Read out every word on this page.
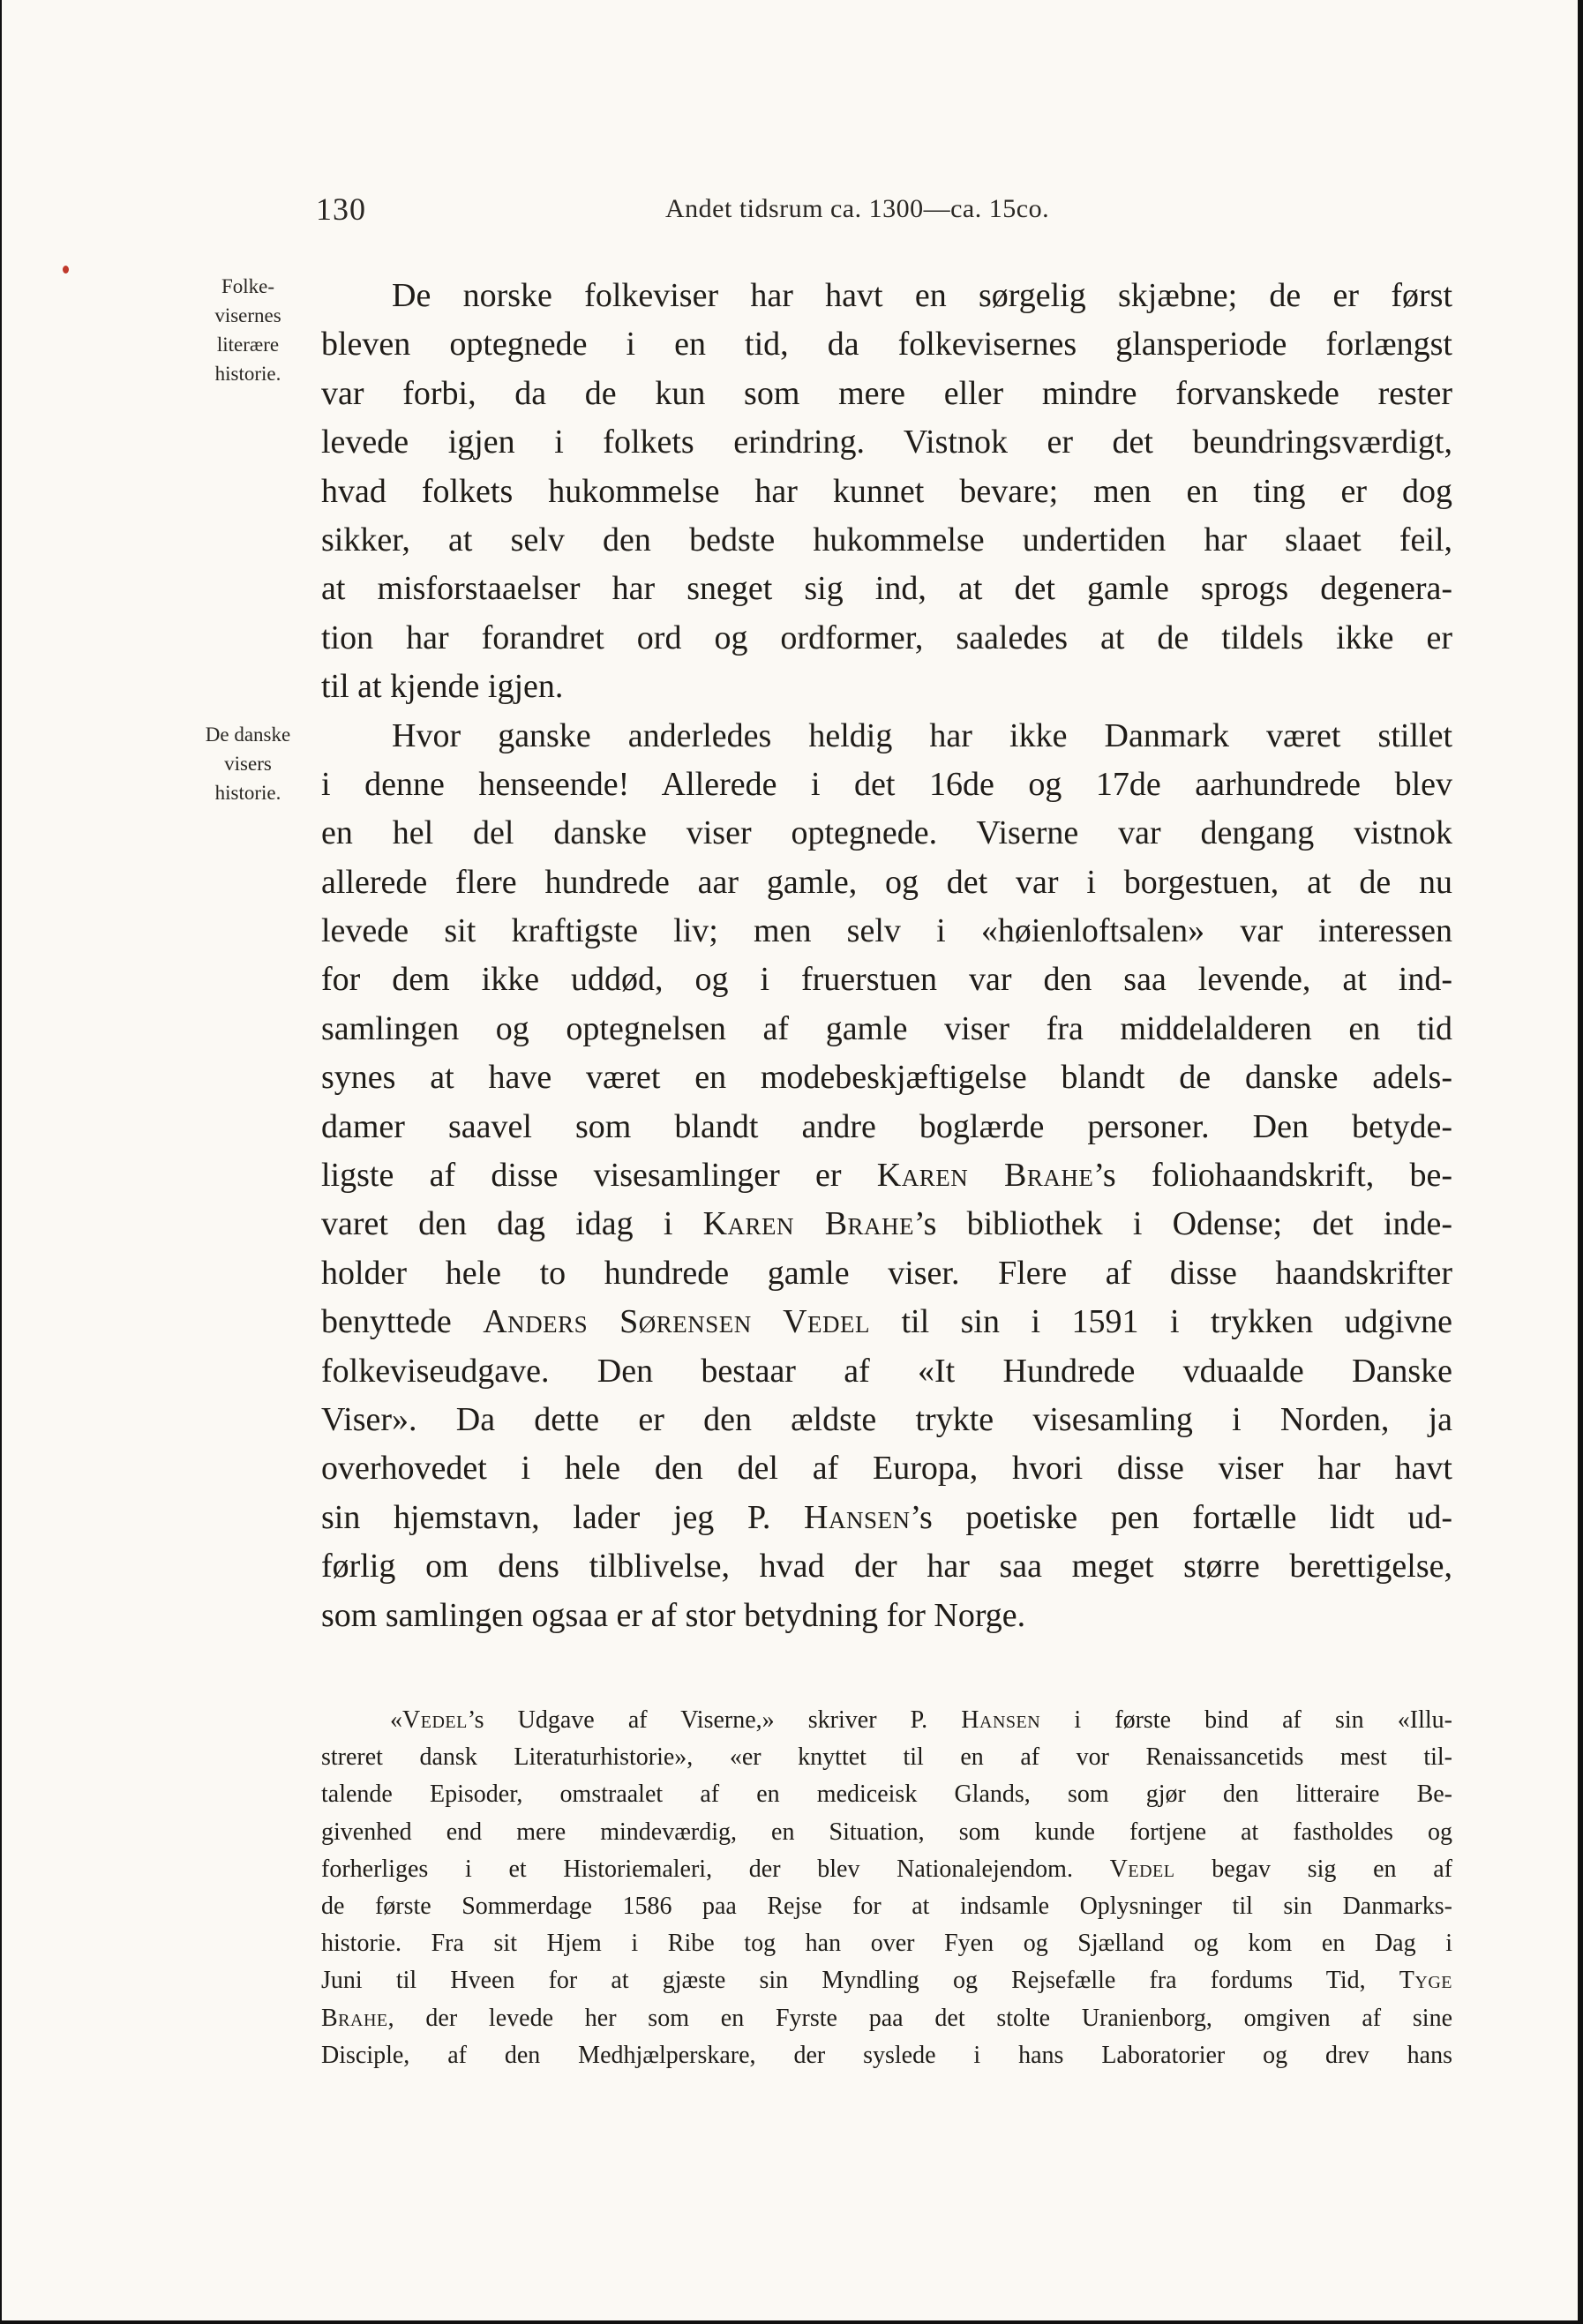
130	Andet tidsrum ca. 1300—ca. 15co.
Folke-
visernes
literære
historie.
De danske
visers
historie.
De norske folkeviser har havt en sørgelig skjæbne; de er først
bleven optegnede i en tid, da folkevisernes glansperiode forlængst
var forbi, da de kun som mere eller mindre forvanskede rester
levede igjen i folkets erindring. Vistnok er det beundringsværdigt,
hvad folkets hukommelse har kunnet bevare; men en ting er dog
sikker, at selv den bedste hukommelse undertiden har slaaet feil,
at misforstaaelser har sneget sig ind, at det gamle sprogs degenera-
tion har forandret ord og ordformer, saaledes at de tildels ikke er
til at kjende igjen.
Hvor ganske anderledes heldig har ikke Danmark været stillet
i denne henseende! Allerede i det 16de og 17de aarhundrede blev
en hel del danske viser optegnede. Viserne var dengang vistnok
allerede flere hundrede aar gamle, og det var i borgestuen, at de nu
levede sit kraftigste liv; men selv i «høienloftsalen» var interessen
for dem ikke uddød, og i fruerstuen var den saa levende, at ind-
samlingen og optegnelsen af gamle viser fra middelalderen en tid
synes at have været en modebeskjæftigelse blandt de danske adels-
damer saavel som blandt andre boglærde personer. Den betyde-
ligste af disse visesamlinger er Karen Brahe’s foliohaandskrift, be-
varet den dag idag i Karen Brahe’s bibliothek i Odense; det inde-
holder hele to hundrede gamle viser. Flere af disse haandskrifter
benyttede Anders Sørensen Vedel til sin i 1591 i trykken udgivne
folkeviseudgave. Den bestaar af «It Hundrede vduaalde Danske
Viser». Da dette er den ældste trykte visesamling i Norden, ja
overhovedet i hele den del af Europa, hvori disse viser har havt
sin hjemstavn, lader jeg P. Hansen’s poetiske pen fortælle lidt ud-
førlig om dens tilblivelse, hvad der har saa meget større berettigelse,
som samlingen ogsaa er af stor betydning for Norge.
«Vedel’s Udgave af Viserne,» skriver P. Hansen i første bind af sin «Illu-
streret dansk Literaturhistorie», «er knyttet til en af vor Renaissancetids mest til-
talende Episoder, omstraalet af en mediceisk Glands, som gjør den litteraire Be-
givenhed end mere mindeværdig, en Situation, som kunde fortjene at fastholdes og
forherliges i et Historiemaleri, der blev Nationalejendom. Vedel begav sig en af
de første Sommerdage 1586 paa Rejse for at indsamle Oplysninger til sin Danmarks-
historie. Fra sit Hjem i Ribe tog han over Fyen og Sjælland og kom en Dag i
Juni til Hveen for at gjæste sin Myndling og Rejsefælle fra fordums Tid, Tyge
Brahe, der levede her som en Fyrste paa det stolte Uranienborg, omgiven af sine
Disciple, af den Medhjælperskare, der syslede i hans Laboratorier og drev hans
